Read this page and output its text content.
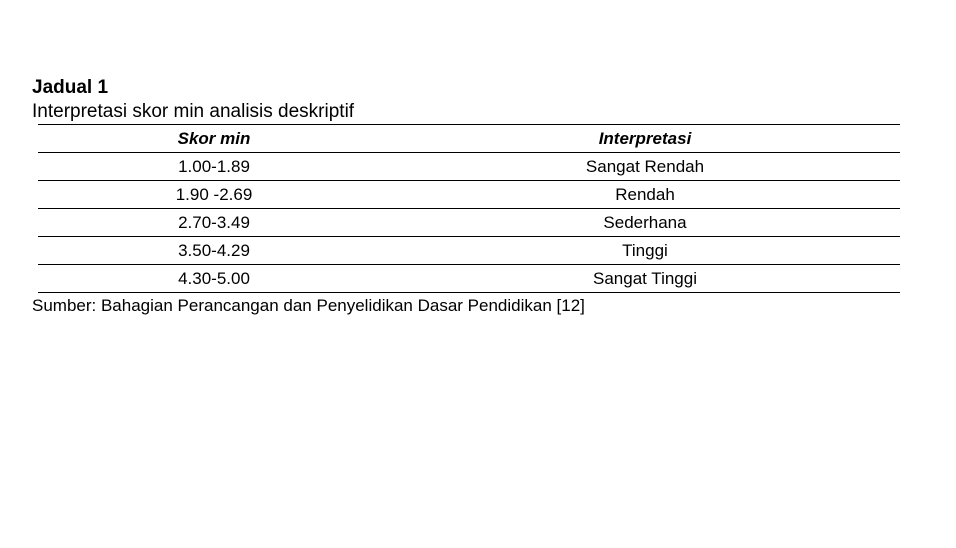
Jadual 1

Interpretasi skor min analisis deskriptif

Skor min	Interpretasi
1.00-1.89	Sangat Rendah
1.90 -2.69	Rendah
2.70-3.49	Sederhana
3.50-4.29	Tinggi
4.30-5.00	Sangat Tinggi

Sumber: Bahagian Perancangan dan Penyelidikan Dasar Pendidikan [12]
